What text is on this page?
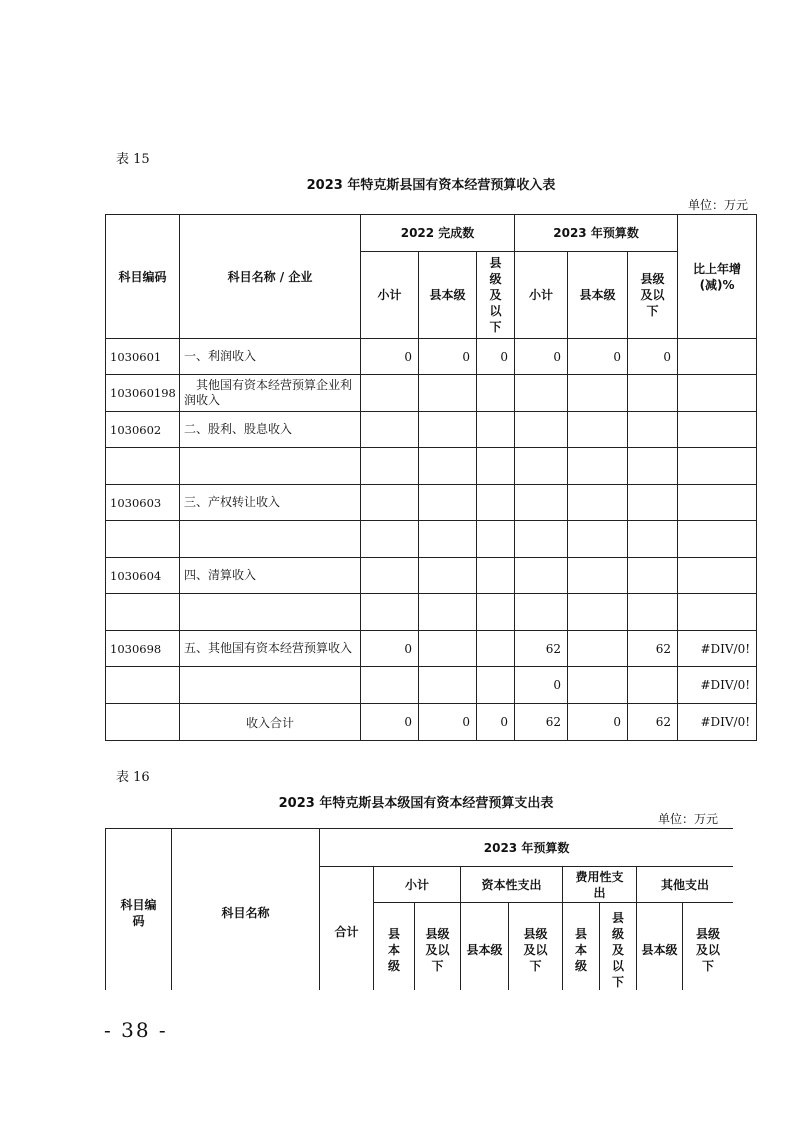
表 15
2023 年特克斯县国有资本经营预算收入表
单位：万元
科目编码	科目名称 / 企业	2022 完成数			2023 年预算数			比上年增(减)%
		小计	县本级	县级及以下	小计	县本级	县级及以下	
1030601	一、利润收入	0	0	0	0	0	0	
103060198	　其他国有资本经营预算企业利润收入							
1030602	二、股利、股息收入							

1030603	三、产权转让收入							

1030604	四、清算收入							

1030698	五、其他国有资本经营预算收入	0			62		62	#DIV/0!
					0			#DIV/0!
	收入合计	0	0	0	62	0	62	#DIV/0!
表 16
2023 年特克斯县本级国有资本经营预算支出表
单位：万元
科目编码	科目名称	2023 年预算数								
		合计	小计		资本性支出		费用性支出		其他支出	
			县本级	县级及以下	县本级	县级及以下	县本级	县级及以下	县本级	县级及以下
- 38 -
